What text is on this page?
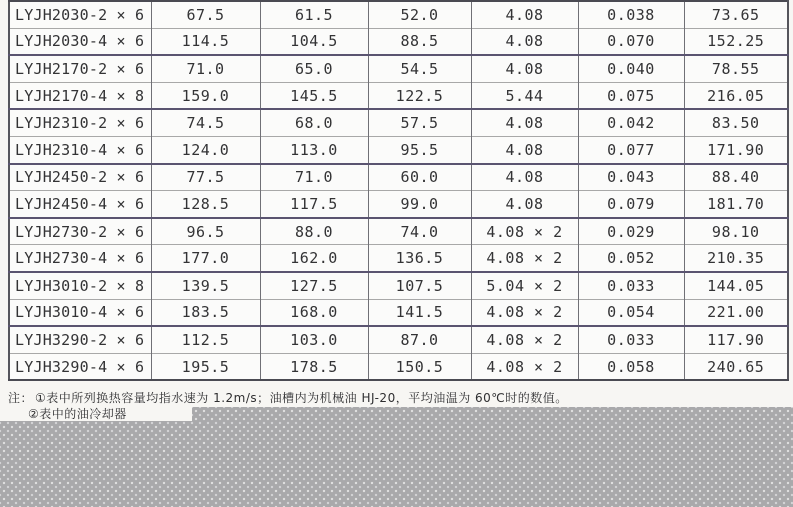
LYJH2030-2 × 6	67.5	61.5	52.0	4.08	0.038	73.65
LYJH2030-4 × 6	114.5	104.5	88.5	4.08	0.070	152.25
LYJH2170-2 × 6	71.0	65.0	54.5	4.08	0.040	78.55
LYJH2170-4 × 8	159.0	145.5	122.5	5.44	0.075	216.05
LYJH2310-2 × 6	74.5	68.0	57.5	4.08	0.042	83.50
LYJH2310-4 × 6	124.0	113.0	95.5	4.08	0.077	171.90
LYJH2450-2 × 6	77.5	71.0	60.0	4.08	0.043	88.40
LYJH2450-4 × 6	128.5	117.5	99.0	4.08	0.079	181.70
LYJH2730-2 × 6	96.5	88.0	74.0	4.08 × 2	0.029	98.10
LYJH2730-4 × 6	177.0	162.0	136.5	4.08 × 2	0.052	210.35
LYJH3010-2 × 8	139.5	127.5	107.5	5.04 × 2	0.033	144.05
LYJH3010-4 × 6	183.5	168.0	141.5	4.08 × 2	0.054	221.00
LYJH3290-2 × 6	112.5	103.0	87.0	4.08 × 2	0.033	117.90
LYJH3290-4 × 6	195.5	178.5	150.5	4.08 × 2	0.058	240.65
注： ①表中所列换热容量均指水速为 1.2m/s；油槽内为机械油 HJ-20，平均油温为 60℃时的数值。
②表中的油冷却器
